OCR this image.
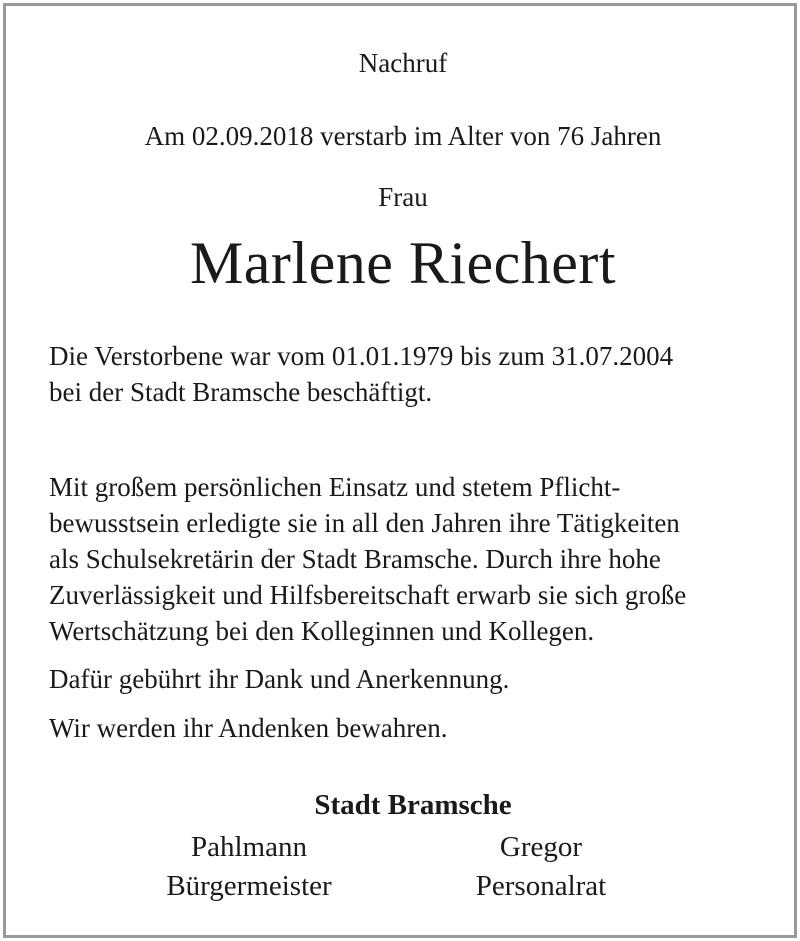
Nachruf
Am 02.09.2018 verstarb im Alter von 76 Jahren
Frau
Marlene Riechert
Die Verstorbene war vom 01.01.1979 bis zum 31.07.2004
bei der Stadt Bramsche beschäftigt.
Mit großem persönlichen Einsatz und stetem Pflicht-
bewusstsein erledigte sie in all den Jahren ihre Tätigkeiten
als Schulsekretärin der Stadt Bramsche. Durch ihre hohe
Zuverlässigkeit und Hilfsbereitschaft erwarb sie sich große
Wertschätzung bei den Kolleginnen und Kollegen.
Dafür gebührt ihr Dank und Anerkennung.
Wir werden ihr Andenken bewahren.
Stadt Bramsche
Pahlmann	Gregor
Bürgermeister	Personalrat
